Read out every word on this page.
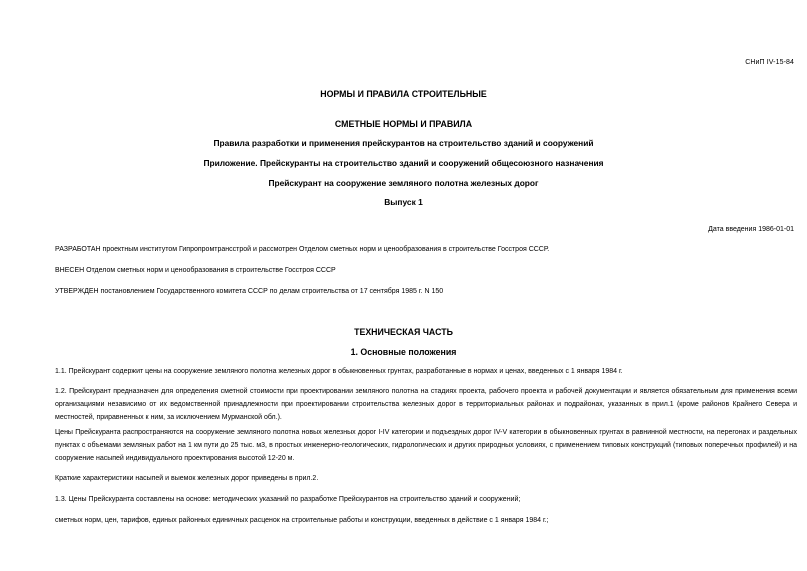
СНиП IV-15-84
НОРМЫ И ПРАВИЛА СТРОИТЕЛЬНЫЕ
СМЕТНЫЕ НОРМЫ И ПРАВИЛА
Правила разработки и применения прейскурантов на строительство зданий и сооружений
Приложение. Прейскуранты на строительство зданий и сооружений общесоюзного назначения
Прейскурант на сооружение земляного полотна железных дорог
Выпуск 1
Дата введения 1986-01-01
РАЗРАБОТАН проектным институтом Гипропромтрансстрой и рассмотрен Отделом сметных норм и ценообразования в строительстве Госстроя СССР.
ВНЕСЕН Отделом сметных норм и ценообразования в строительстве Госстроя СССР
УТВЕРЖДЕН постановлением Государственного комитета СССР по делам строительства от 17 сентября 1985 г. N 150
ТЕХНИЧЕСКАЯ ЧАСТЬ
1. Основные положения
1.1. Прейскурант содержит цены на сооружение земляного полотна железных дорог в обыкновенных грунтах, разработанные в нормах и ценах, введенных с 1 января 1984 г.
1.2. Прейскурант предназначен для определения сметной стоимости при проектировании земляного полотна на стадиях проекта, рабочего проекта и рабочей документации и является обязательным для применения всеми организациями независимо от их ведомственной принадлежности при проектировании строительства железных дорог в территориальных районах и подрайонах, указанных в прил.1 (кроме районов Крайнего Севера и местностей, приравненных к ним, за исключением Мурманской обл.).
Цены Прейскуранта распространяются на сооружение земляного полотна новых железных дорог I-IV категории и подъездных дорог IV-V категории в обыкновенных грунтах в равнинной местности, на перегонах и раздельных пунктах с объемами земляных работ на 1 км пути до 25 тыс. м3, в простых инженерно-геологических, гидрологических и других природных условиях, с применением типовых конструкций (типовых поперечных профилей) и на сооружение насыпей индивидуального проектирования высотой 12-20 м.
Краткие характеристики насыпей и выемок железных дорог приведены в прил.2.
1.3. Цены Прейскуранта составлены на основе: методических указаний по разработке Прейскурантов на строительство зданий и сооружений;
сметных норм, цен, тарифов, единых районных единичных расценок на строительные работы и конструкции, введенных в действие с 1 января 1984 г.;
